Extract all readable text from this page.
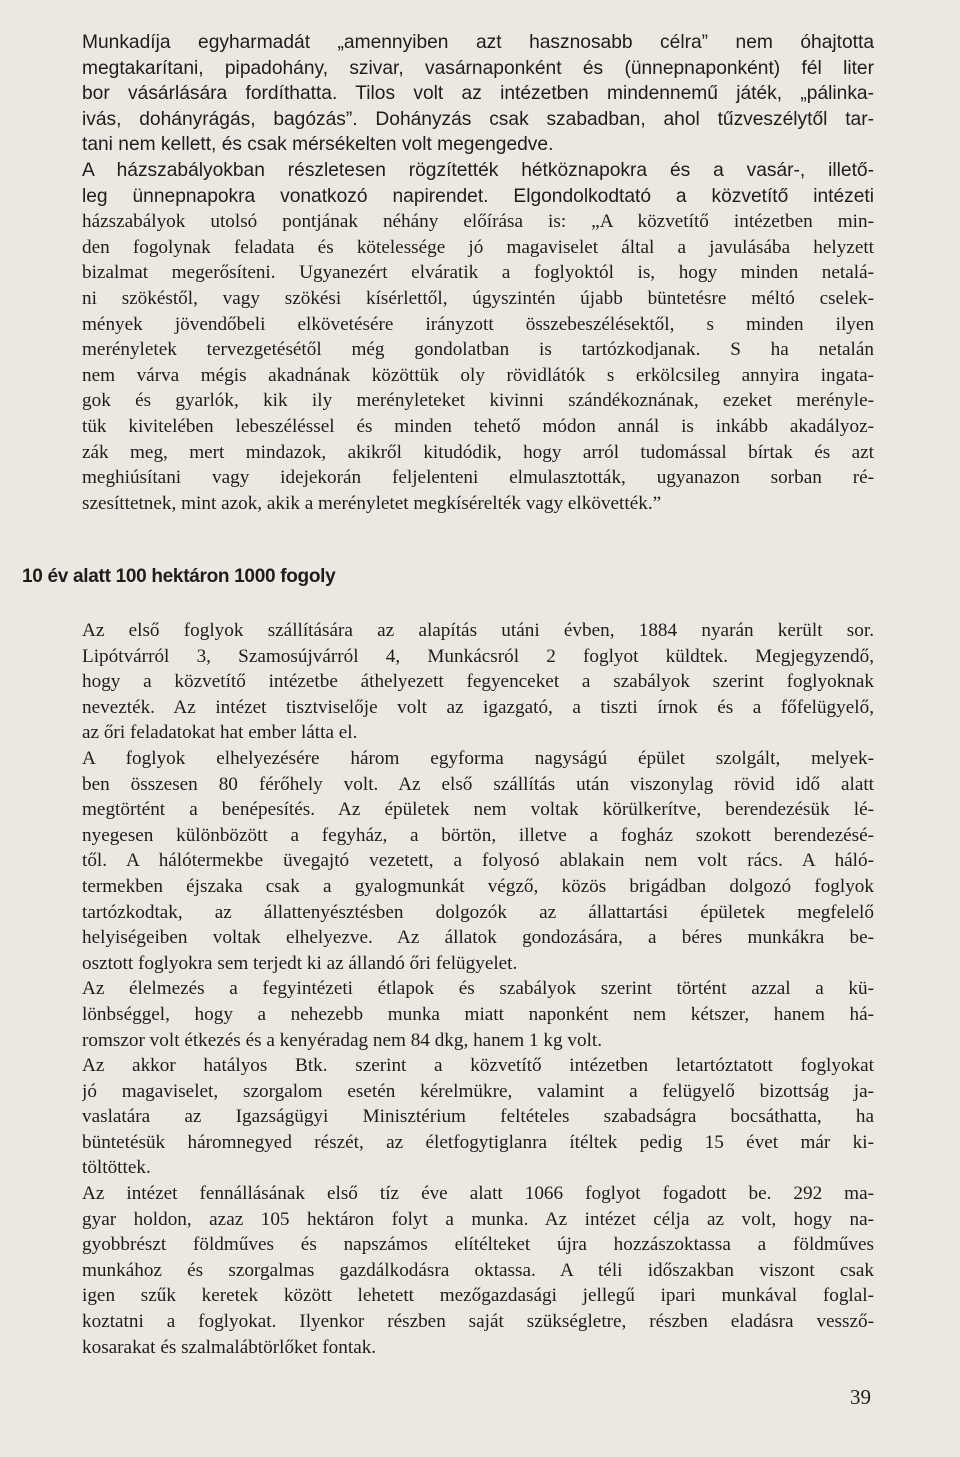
Munkadíja egyharmadát „amennyiben azt hasznosabb célra” nem óhajtotta

megtakarítani, pipadohány, szivar, vasárnaponként és (ünnepnaponként) fél liter

bor vásárlására fordíthatta. Tilos volt az intézetben mindennemű játék, „pálinka-

ivás, dohányrágás, bagózás”. Dohányzás csak szabadban, ahol tűzveszélytől tar-

tani nem kellett, és csak mérsékelten volt megengedve.

A házszabályokban részletesen rögzítették hétköznapokra és a vasár-, illető-

leg ünnepnapokra vonatkozó napirendet. Elgondolkodtató a közvetítő intézeti

házszabályok utolsó pontjának néhány előírása is: „A közvetítő intézetben min-

den fogolynak feladata és kötelessége jó magaviselet által a javulásába helyzett

bizalmat megerősíteni. Ugyanezért elváratik a foglyoktól is, hogy minden netalá-

ni szökéstől, vagy szökési kísérlettől, úgyszintén újabb büntetésre méltó cselek-

mények jövendőbeli elkövetésére irányzott összebeszélésektől, s minden ilyen

merényletek tervezgetésétől még gondolatban is tartózkodjanak. S ha netalán

nem várva mégis akadnának közöttük oly rövidlátók s erkölcsileg annyira ingata-

gok és gyarlók, kik ily merényleteket kivinni szándékoznának, ezeket merényle-

tük kivitelében lebeszéléssel és minden tehető módon annál is inkább akadályoz-

zák meg, mert mindazok, akikről kitudódik, hogy arról tudomással bírtak és azt

meghiúsítani vagy idejekorán feljelenteni elmulasztották, ugyanazon sorban ré-

szesíttetnek, mint azok, akik a merényletet megkísérelték vagy elkövették.”

10 év alatt 100 hektáron 1000 fogoly

Az első foglyok szállítására az alapítás utáni évben, 1884 nyarán került sor.

Lipótvárról 3, Szamosújvárról 4, Munkácsról 2 foglyot küldtek. Megjegyzendő,

hogy a közvetítő intézetbe áthelyezett fegyenceket a szabályok szerint foglyoknak

nevezték. Az intézet tisztviselője volt az igazgató, a tiszti írnok és a főfelügyelő,

az őri feladatokat hat ember látta el.

A foglyok elhelyezésére három egyforma nagyságú épület szolgált, melyek-

ben összesen 80 férőhely volt. Az első szállítás után viszonylag rövid idő alatt

megtörtént a benépesítés. Az épületek nem voltak körülkerítve, berendezésük lé-

nyegesen különbözött a fegyház, a börtön, illetve a fogház szokott berendezésé-

től. A hálótermekbe üvegajtó vezetett, a folyosó ablakain nem volt rács. A háló-

termekben éjszaka csak a gyalogmunkát végző, közös brigádban dolgozó foglyok

tartózkodtak, az állattenyésztésben dolgozók az állattartási épületek megfelelő

helyiségeiben voltak elhelyezve. Az állatok gondozására, a béres munkákra be-

osztott foglyokra sem terjedt ki az állandó őri felügyelet.

Az élelmezés a fegyintézeti étlapok és szabályok szerint történt azzal a kü-

lönbséggel, hogy a nehezebb munka miatt naponként nem kétszer, hanem há-

romszor volt étkezés és a kenyéradag nem 84 dkg, hanem 1 kg volt.

Az akkor hatályos Btk. szerint a közvetítő intézetben letartóztatott foglyokat

jó magaviselet, szorgalom esetén kérelmükre, valamint a felügyelő bizottság ja-

vaslatára az Igazságügyi Minisztérium feltételes szabadságra bocsáthatta, ha

büntetésük háromnegyed részét, az életfogytiglanra ítéltek pedig 15 évet már ki-

töltöttek.

Az intézet fennállásának első tíz éve alatt 1066 foglyot fogadott be. 292 ma-

gyar holdon, azaz 105 hektáron folyt a munka. Az intézet célja az volt, hogy na-

gyobbrészt földműves és napszámos elítélteket újra hozzászoktassa a földműves

munkához és szorgalmas gazdálkodásra oktassa. A téli időszakban viszont csak

igen szűk keretek között lehetett mezőgazdasági jellegű ipari munkával foglal-

koztatni a foglyokat. Ilyenkor részben saját szükségletre, részben eladásra vessző-

kosarakat és szalmalábtörlőket fontak.

39
